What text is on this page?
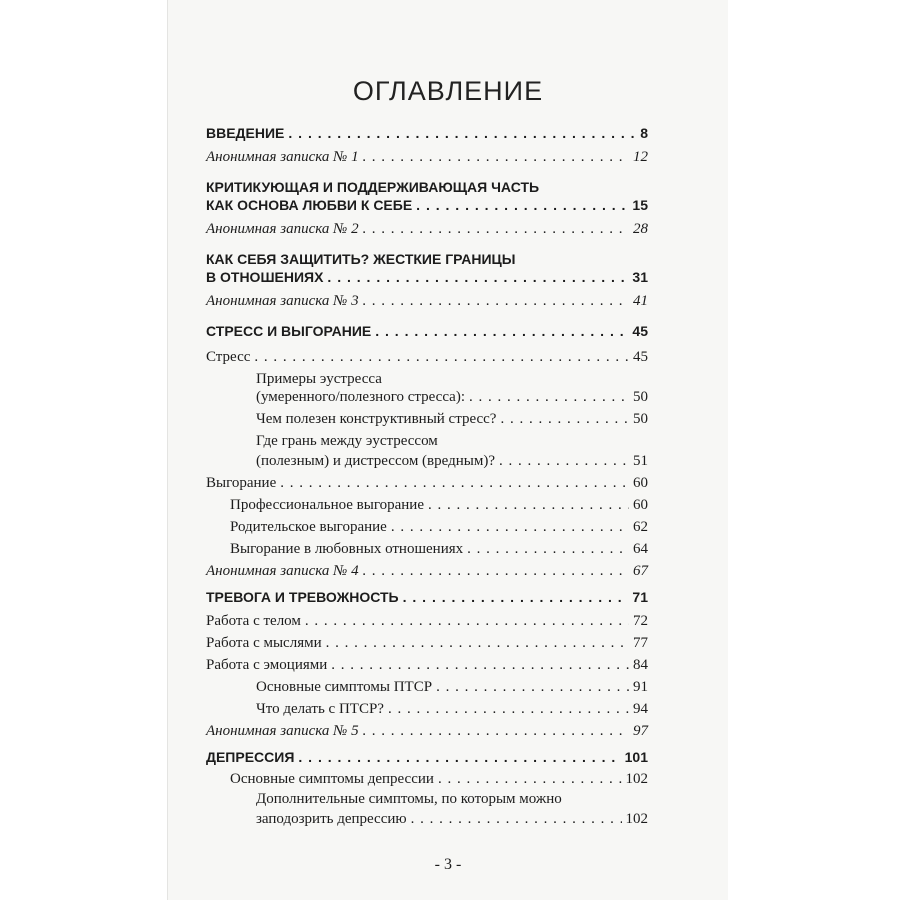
ОГЛАВЛЕНИЕ
ВВЕДЕНИЕ . . .	8
Анонимная записка № 1 . . .	12
КРИТИКУЮЩАЯ И ПОДДЕРЖИВАЮЩАЯ ЧАСТЬ
КАК ОСНОВА ЛЮБВИ К СЕБЕ . . .	15
Анонимная записка № 2 . . .	28
КАК СЕБЯ ЗАЩИТИТЬ? ЖЕСТКИЕ ГРАНИЦЫ
В ОТНОШЕНИЯХ . . .	31
Анонимная записка № 3 . . .	41
СТРЕСС И ВЫГОРАНИЕ . . .	45
Стресс . . .	45
Примеры эустресса
(умеренного/полезного стресса): . . .	50
Чем полезен конструктивный стресс? . . .	50
Где грань между эустрессом
(полезным) и дистрессом (вредным)? . . .	51
Выгорание . . .	60
Профессиональное выгорание . . .	60
Родительское выгорание . . .	62
Выгорание в любовных отношениях . . .	64
Анонимная записка № 4 . . .	67
ТРЕВОГА И ТРЕВОЖНОСТЬ . . .	71
Работа с телом . . .	72
Работа с мыслями . . .	77
Работа с эмоциями . . .	84
Основные симптомы ПТСР . . .	91
Что делать с ПТСР? . . .	94
Анонимная записка № 5 . . .	97
ДЕПРЕССИЯ . . .	101
Основные симптомы депрессии . . .	102
Дополнительные симптомы, по которым можно
заподозрить депрессию . . .	102
- 3 -
